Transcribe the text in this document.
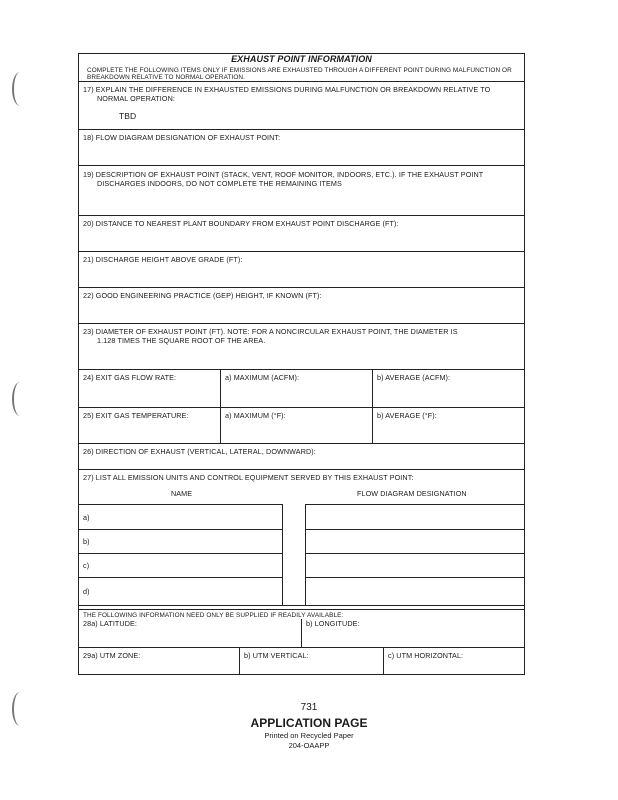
EXHAUST POINT INFORMATION
COMPLETE THE FOLLOWING ITEMS ONLY IF EMISSIONS ARE EXHAUSTED THROUGH A DIFFERENT POINT DURING MALFUNCTION OR
BREAKDOWN RELATIVE TO NORMAL OPERATION.
17) EXPLAIN THE DIFFERENCE IN EXHAUSTED EMISSIONS DURING MALFUNCTION OR BREAKDOWN RELATIVE TO
NORMAL OPERATION:
TBD
18) FLOW DIAGRAM DESIGNATION OF EXHAUST POINT:
19) DESCRIPTION OF EXHAUST POINT (STACK, VENT, ROOF MONITOR, INDOORS, ETC.). IF THE EXHAUST POINT
DISCHARGES INDOORS, DO NOT COMPLETE THE REMAINING ITEMS
20) DISTANCE TO NEAREST PLANT BOUNDARY FROM EXHAUST POINT DISCHARGE (FT):
21) DISCHARGE HEIGHT ABOVE GRADE (FT):
22) GOOD ENGINEERING PRACTICE (GEP) HEIGHT, IF KNOWN (FT):
23) DIAMETER OF EXHAUST POINT (FT). NOTE: FOR A NONCIRCULAR EXHAUST POINT, THE DIAMETER IS
1.128 TIMES THE SQUARE ROOT OF THE AREA.
24) EXIT GAS FLOW RATE:	a) MAXIMUM (ACFM):	b) AVERAGE (ACFM):
25) EXIT GAS TEMPERATURE:	a) MAXIMUM (°F):	b) AVERAGE (°F):
26) DIRECTION OF EXHAUST (VERTICAL, LATERAL, DOWNWARD):
27) LIST ALL EMISSION UNITS AND CONTROL EQUIPMENT SERVED BY THIS EXHAUST POINT:
NAME	FLOW DIAGRAM DESIGNATION
a)
b)
c)
d)
THE FOLLOWING INFORMATION NEED ONLY BE SUPPLIED IF READILY AVAILABLE:
28a) LATITUDE:	b) LONGITUDE:
29a) UTM ZONE:	b) UTM VERTICAL:	c) UTM HORIZONTAL:
731
APPLICATION PAGE
Printed on Recycled Paper
204-OAAPP
